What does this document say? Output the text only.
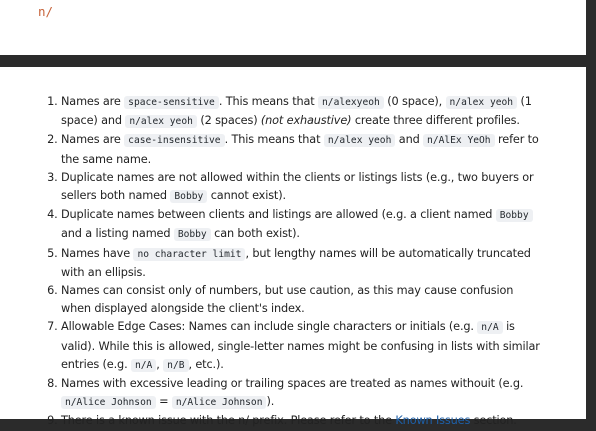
n/
1. Names are space-sensitive . This means that n/alexyeoh (0 space), n/alex yeoh (1 space) and n/alex yeoh (2 spaces) (not exhaustive) create three different profiles.
2. Names are case-insensitive . This means that n/alex yeoh and n/AlEx YeOh refer to the same name.
3. Duplicate names are not allowed within the clients or listings lists (e.g., two buyers or sellers both named Bobby cannot exist).
4. Duplicate names between clients and listings are allowed (e.g. a client named Bobby and a listing named Bobby can both exist).
5. Names have no character limit , but lengthy names will be automatically truncated with an ellipsis.
6. Names can consist only of numbers, but use caution, as this may cause confusion when displayed alongside the client's index.
7. Allowable Edge Cases: Names can include single characters or initials (e.g. n/A is valid). While this is allowed, single-letter names might be confusing in lists with similar entries (e.g. n/A , n/B , etc.).
8. Names with excessive leading or trailing spaces are treated as names withouit (e.g. n/Alice Johnson = n/Alice Johnson ).
9. There is a known issue with the n/ prefix. Please refer to the Known Issues section.
